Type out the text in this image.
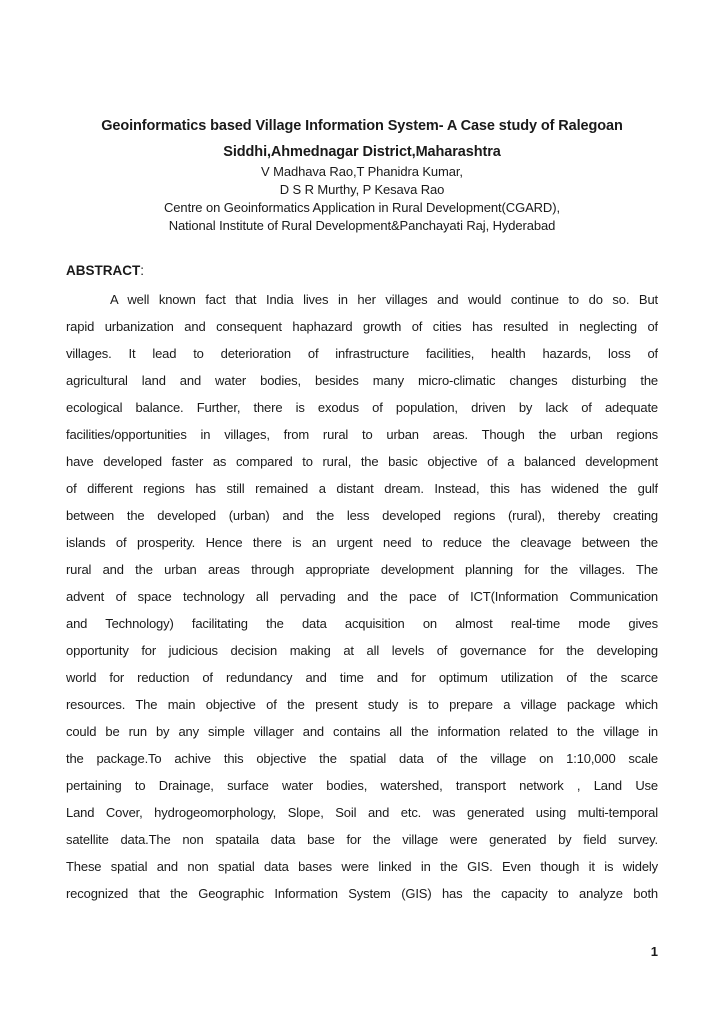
Geoinformatics based Village Information System- A Case study of Ralegoan
Siddhi,Ahmednagar District,Maharashtra
V Madhava Rao,T Phanidra Kumar,
D S R Murthy, P Kesava Rao
Centre on Geoinformatics Application in Rural Development(CGARD),
National Institute of Rural Development&Panchayati Raj, Hyderabad
ABSTRACT:
A well known fact that India lives in her villages and would continue to do so. But
rapid urbanization and consequent haphazard growth of cities has resulted in neglecting of
villages. It lead to deterioration of infrastructure facilities, health hazards, loss of
agricultural land and water bodies, besides many micro-climatic changes disturbing the
ecological balance. Further, there is exodus of population, driven by lack of adequate
facilities/opportunities in villages, from rural to urban areas. Though the urban regions
have developed faster as compared to rural, the basic objective of a balanced development
of different regions has still remained a distant dream. Instead, this has widened the gulf
between the developed (urban) and the less developed regions (rural), thereby creating
islands of prosperity. Hence there is an urgent need to reduce the cleavage between the
rural and the urban areas through appropriate development planning for the villages. The
advent of space technology all pervading and the pace of ICT(Information Communication
and Technology) facilitating the data acquisition on almost real-time mode gives
opportunity for judicious decision making at all levels of governance for the developing
world for reduction of redundancy and time and for optimum utilization of the scarce
resources. The main objective of the present study is to prepare a village package which
could be run by any simple villager and contains all the information related to the village in
the package.To achive this objective the spatial data of the village on 1:10,000 scale
pertaining to Drainage, surface water bodies, watershed, transport network , Land Use
Land Cover, hydrogeomorphology, Slope, Soil and etc. was generated using multi-temporal
satellite data.The non spataila data base for the village were generated by field survey.
These spatial and non spatial data bases were linked in the GIS. Even though it is widely
recognized that the Geographic Information System (GIS) has the capacity to analyze both
1
